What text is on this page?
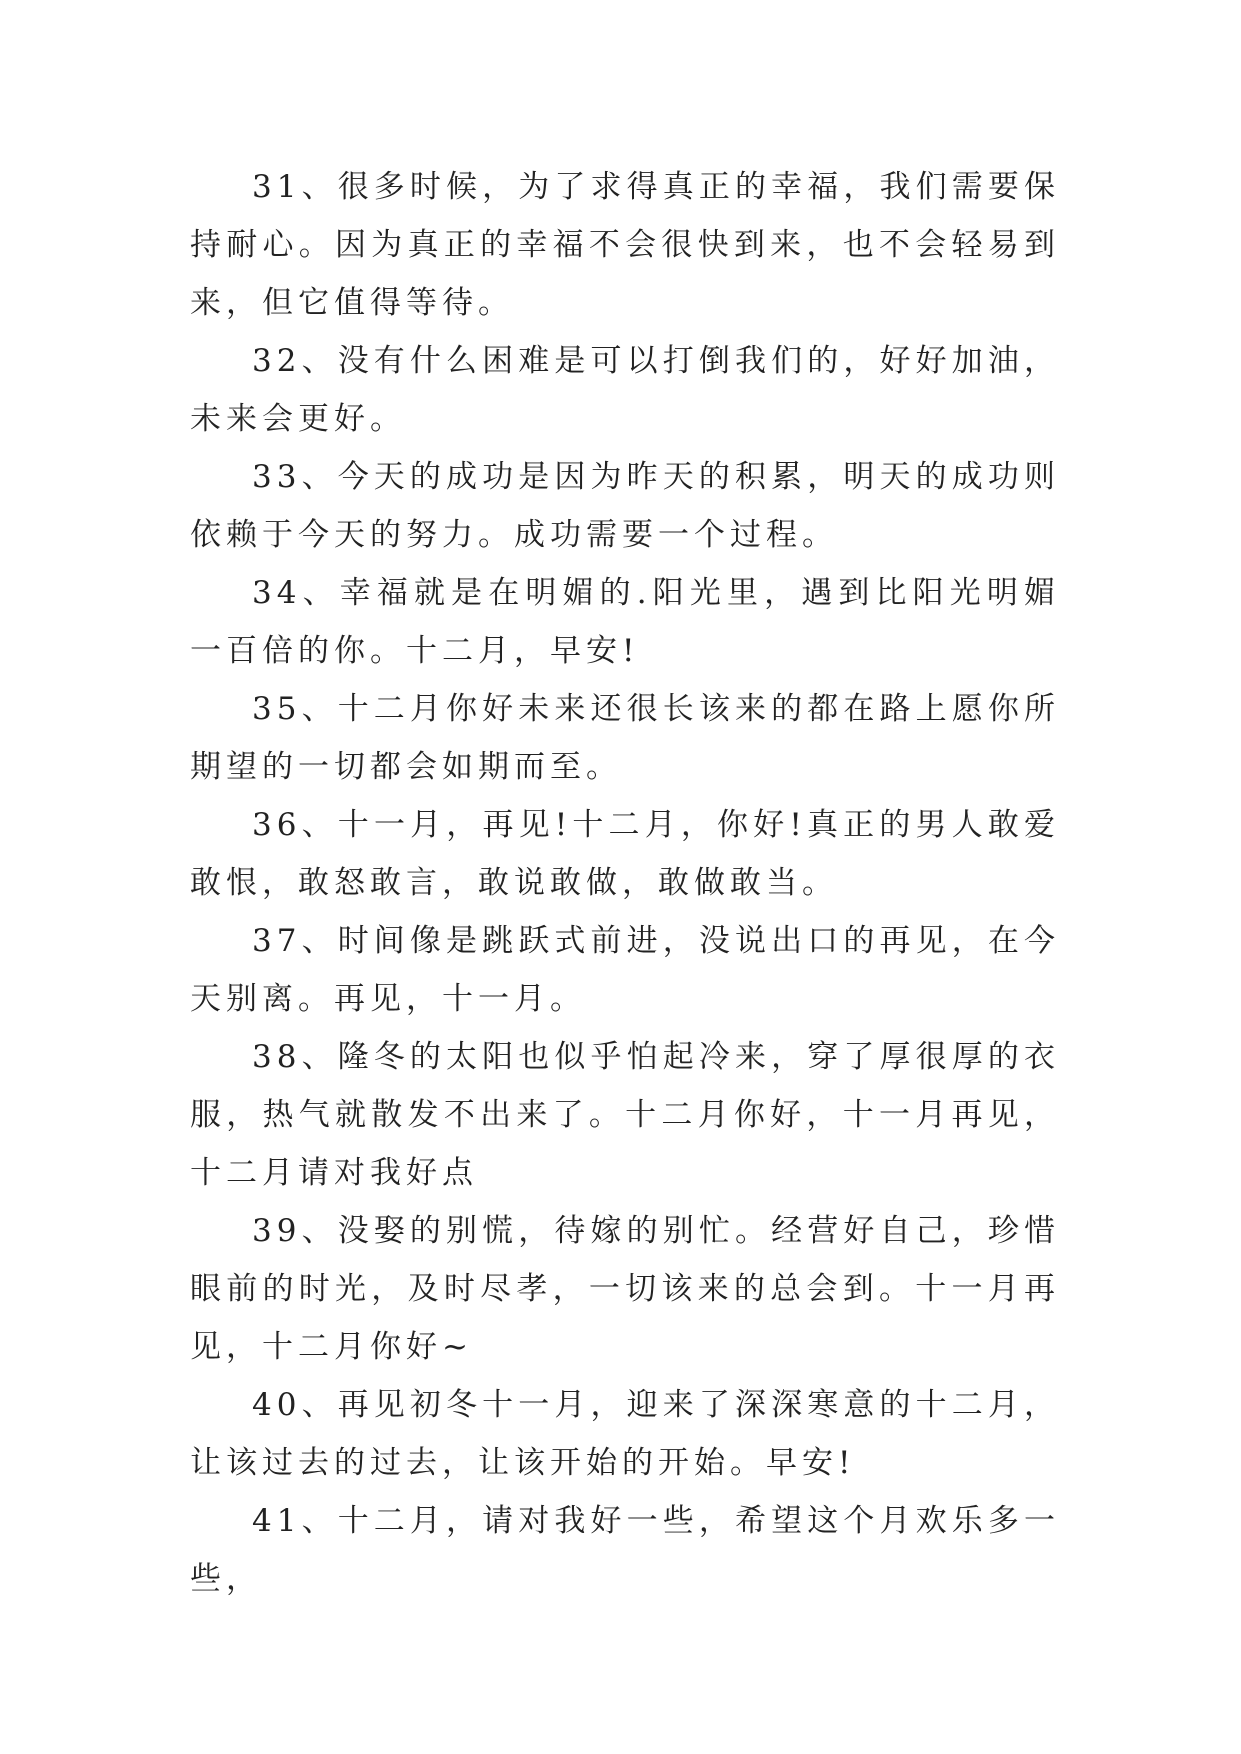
31、很多时候，为了求得真正的幸福，我们需要保持耐心。因为真正的幸福不会很快到来，也不会轻易到来，但它值得等待。

32、没有什么困难是可以打倒我们的，好好加油，未来会更好。

33、今天的成功是因为昨天的积累，明天的成功则依赖于今天的努力。成功需要一个过程。

34、幸福就是在明媚的.阳光里，遇到比阳光明媚一百倍的你。十二月，早安!

35、十二月你好未来还很长该来的都在路上愿你所期望的一切都会如期而至。

36、十一月，再见!十二月，你好!真正的男人敢爱敢恨，敢怒敢言，敢说敢做，敢做敢当。

37、时间像是跳跃式前进，没说出口的再见，在今天别离。再见，十一月。

38、隆冬的太阳也似乎怕起冷来，穿了厚很厚的衣服，热气就散发不出来了。十二月你好，十一月再见，十二月请对我好点

39、没娶的别慌，待嫁的别忙。经营好自己，珍惜眼前的时光，及时尽孝，一切该来的总会到。十一月再见，十二月你好~

40、再见初冬十一月，迎来了深深寒意的十二月，让该过去的过去，让该开始的开始。早安!

41、十二月，请对我好一些，希望这个月欢乐多一些，
